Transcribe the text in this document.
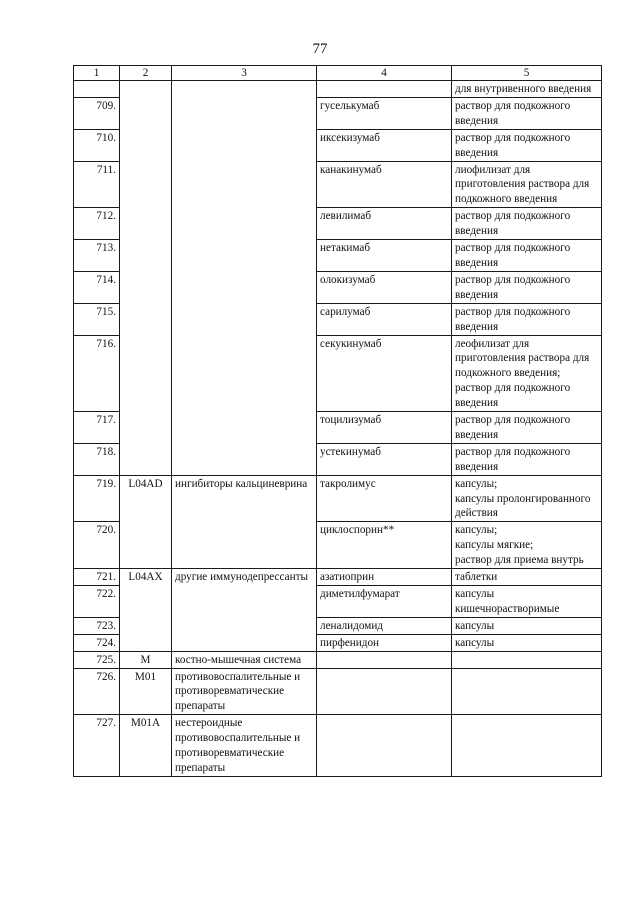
77
1	2	3	4	5
				для внутривенного введения
709.			гуселькумаб	раствор для подкожного введения
710.			иксекизумаб	раствор для подкожного введения
711.			канакинумаб	лиофилизат для приготовления раствора для подкожного введения
712.			левилимаб	раствор для подкожного введения
713.			нетакимаб	раствор для подкожного введения
714.			олокизумаб	раствор для подкожного введения
715.			сарилумаб	раствор для подкожного введения
716.			секукинумаб	леофилизат для приготовления раствора для подкожного введения;
раствор для подкожного введения
717.			тоцилизумаб	раствор для подкожного введения
718.			устекинумаб	раствор для подкожного введения
719.	L04AD	ингибиторы кальциневрина	такролимус	капсулы;
капсулы пролонгированного действия
720.			циклоспорин**	капсулы;
капсулы мягкие;
раствор для приема внутрь
721.	L04AX	другие иммунодепрессанты	азатиоприн	таблетки
722.			диметилфумарат	капсулы кишечнорастворимые
723.			леналидомид	капсулы
724.			пирфенидон	капсулы
725.	M	костно-мышечная система		
726.	M01	противовоспалительные и противоревматические препараты		
727.	M01A	нестероидные противовоспалительные и противоревматические препараты		
